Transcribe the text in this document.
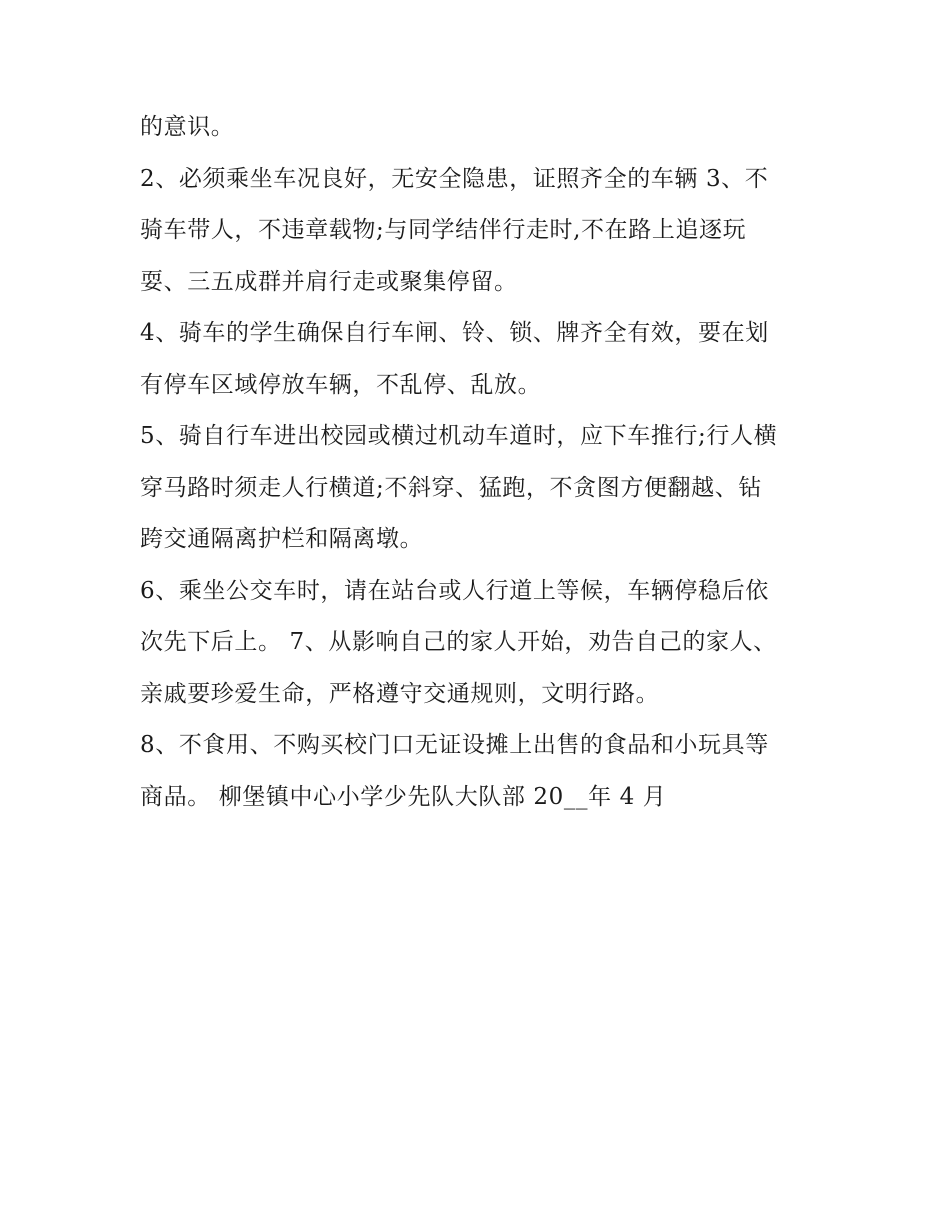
的意识。
2、必须乘坐车况良好，无安全隐患，证照齐全的车辆 3、不
骑车带人，不违章载物;与同学结伴行走时,不在路上追逐玩
耍、三五成群并肩行走或聚集停留。
4、骑车的学生确保自行车闸、铃、锁、牌齐全有效，要在划
有停车区域停放车辆，不乱停、乱放。
5、骑自行车进出校园或横过机动车道时，应下车推行;行人横
穿马路时须走人行横道;不斜穿、猛跑，不贪图方便翻越、钻
跨交通隔离护栏和隔离墩。
6、乘坐公交车时，请在站台或人行道上等候，车辆停稳后依
次先下后上。 7、从影响自己的家人开始，劝告自己的家人、
亲戚要珍爱生命，严格遵守交通规则，文明行路。
8、不食用、不购买校门口无证设摊上出售的食品和小玩具等
商品。 柳堡镇中心小学少先队大队部 20__年 4 月
